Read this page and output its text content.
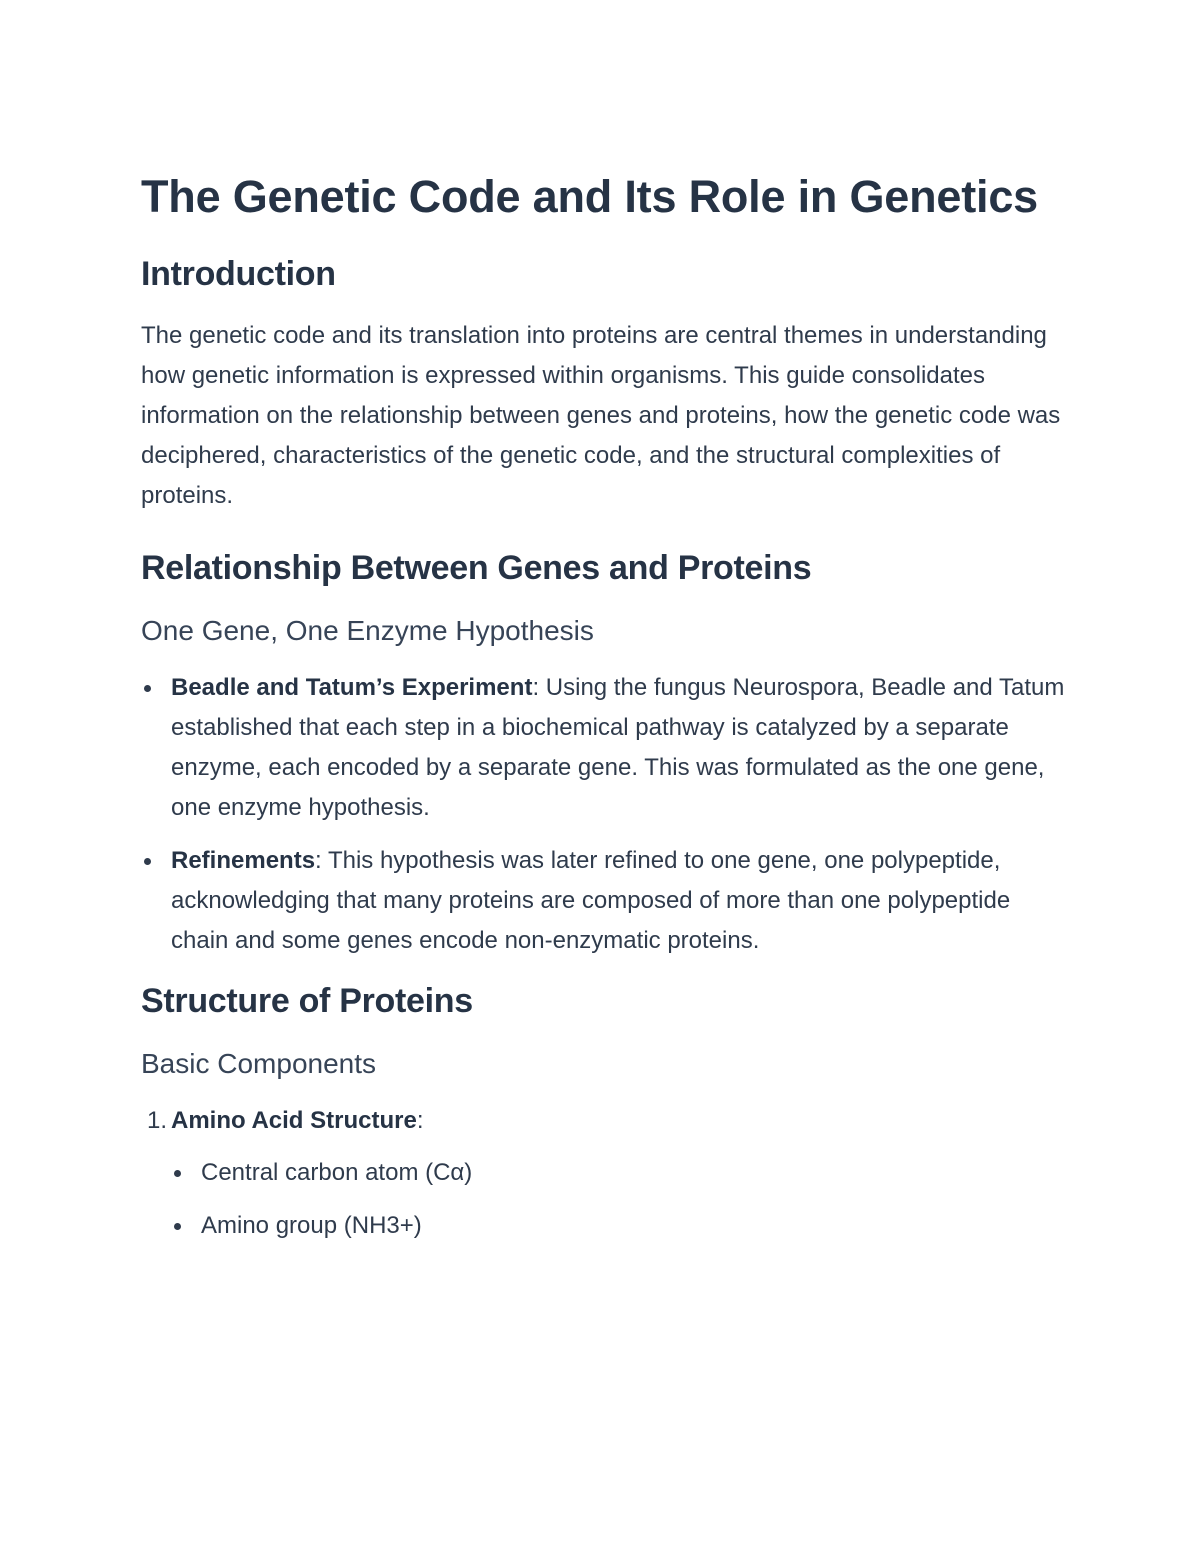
The Genetic Code and Its Role in Genetics
Introduction

The genetic code and its translation into proteins are central themes in understanding how genetic information is expressed within organisms. This guide consolidates information on the relationship between genes and proteins, how the genetic code was deciphered, characteristics of the genetic code, and the structural complexities of proteins.

Relationship Between Genes and Proteins
One Gene, One Enzyme Hypothesis
Beadle and Tatum’s Experiment: Using the fungus Neurospora, Beadle and Tatum established that each step in a biochemical pathway is catalyzed by a separate enzyme, each encoded by a separate gene. This was formulated as the one gene, one enzyme hypothesis.
Refinements: This hypothesis was later refined to one gene, one polypeptide, acknowledging that many proteins are composed of more than one polypeptide chain and some genes encode non-enzymatic proteins.
Structure of Proteins
Basic Components
1. Amino Acid Structure:
Central carbon atom (Cα)
Amino group (NH3+)
